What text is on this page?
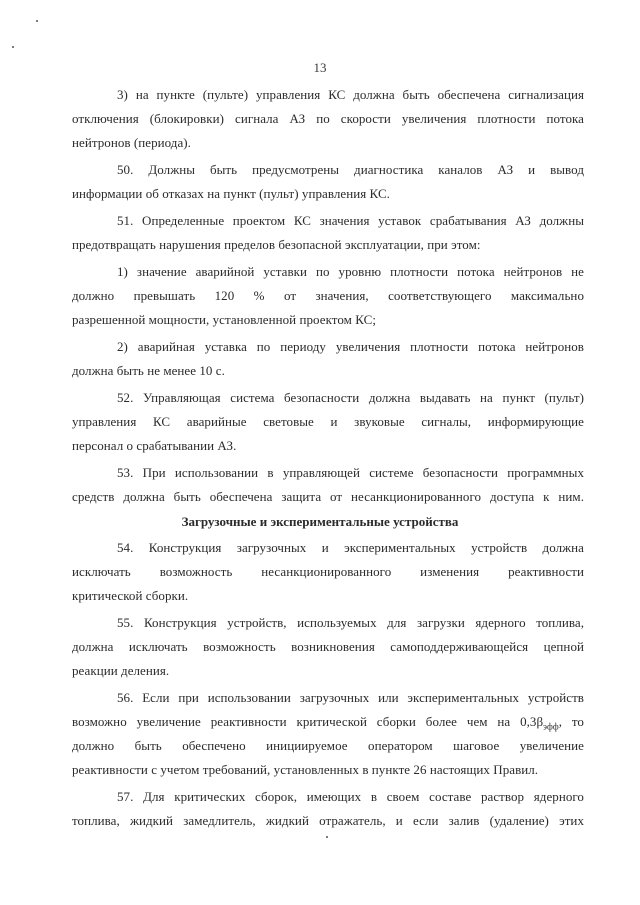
13
3) на пункте (пульте) управления КС должна быть обеспечена сигнализация
отключения (блокировки) сигнала АЗ по скорости увеличения плотности потока
нейтронов (периода).
50. Должны быть предусмотрены диагностика каналов АЗ и вывод
информации об отказах на пункт (пульт) управления КС.
51. Определенные проектом КС значения уставок срабатывания АЗ должны
предотвращать нарушения пределов безопасной эксплуатации, при этом:
1) значение аварийной уставки по уровню плотности потока нейтронов не
должно превышать 120 % от значения, соответствующего максимально
разрешенной мощности, установленной проектом КС;
2) аварийная уставка по периоду увеличения плотности потока нейтронов
должна быть не менее 10 с.
52. Управляющая система безопасности должна выдавать на пункт (пульт)
управления КС аварийные световые и звуковые сигналы, информирующие
персонал о срабатывании АЗ.
53. При использовании в управляющей системе безопасности программных
средств должна быть обеспечена защита от несанкционированного доступа к ним.
Загрузочные и экспериментальные устройства
54. Конструкция загрузочных и экспериментальных устройств должна
исключать возможность несанкционированного изменения реактивности
критической сборки.
55. Конструкция устройств, используемых для загрузки ядерного топлива,
должна исключать возможность возникновения самоподдерживающейся цепной
реакции деления.
56. Если при использовании загрузочных или экспериментальных устройств
возможно увеличение реактивности критической сборки более чем на $0,3\beta_{эфф}$, то
должно быть обеспечено инициируемое оператором шаговое увеличение
реактивности с учетом требований, установленных в пункте 26 настоящих Правил.
57. Для критических сборок, имеющих в своем составе раствор ядерного
топлива, жидкий замедлитель, жидкий отражатель, и если залив (удаление) этих
